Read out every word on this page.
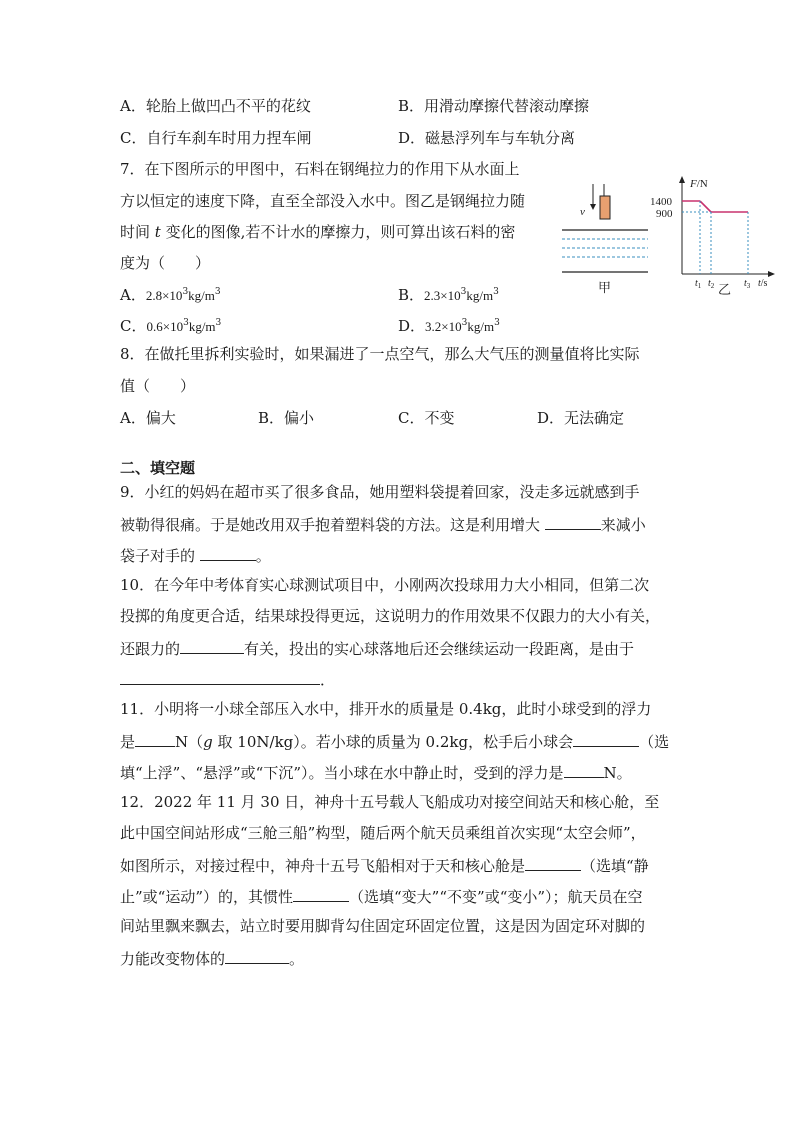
A．轮胎上做凹凸不平的花纹	B．用滑动摩擦代替滚动摩擦
C．自行车刹车时用力捏车闸	D．磁悬浮列车与车轨分离
7．在下图所示的甲图中，石料在钢绳拉力的作用下从水面上
方以恒定的速度下降，直至全部没入水中。图乙是钢绳拉力随
时间 t 变化的图像,若不计水的摩擦力，则可算出该石料的密
度为（　　）
A．$2.8\times 10^3kg/m^3$	B．$2.3\times 10^3kg/m^3$
C．$0.6\times 10^3kg/m^3$	D．$3.2\times 10^3kg/m^3$
v
甲
F/N
1400
900
$t_1$ $t_2$	$t_3$ t/s
乙
8．在做托里拆利实验时，如果漏进了一点空气，那么大气压的测量值将比实际
值（　　）
A．偏大	B．偏小	C．不变	D．无法确定
二、填空题
9．小红的妈妈在超市买了很多食品，她用塑料袋提着回家，没走多远就感到手
被勒得很痛。于是她改用双手抱着塑料袋的方法。这是利用增大	来减小
袋子对手的	。
10．在今年中考体育实心球测试项目中，小刚两次投球用力大小相同，但第二次
投掷的角度更合适，结果球投得更远，这说明力的作用效果不仅跟力的大小有关，
还跟力的	有关，投出的实心球落地后还会继续运动一段距离，是由于
．
11．小明将一小球全部压入水中，排开水的质量是 0.4kg，此时小球受到的浮力
是	N（g 取 10N/kg）。若小球的质量为 0.2kg，松手后小球会	（选
填“上浮”、“悬浮”或“下沉”）。当小球在水中静止时，受到的浮力是	N。
12．2022 年 11 月 30 日，神舟十五号载人飞船成功对接空间站天和核心舱，至
此中国空间站形成“三舱三船”构型，随后两个航天员乘组首次实现“太空会师”，
如图所示，对接过程中，神舟十五号飞船相对于天和核心舱是	（选填“静
止”或“运动”）的，其惯性	（选填“变大”“不变”或“变小”）；航天员在空
间站里飘来飘去，站立时要用脚背勾住固定环固定位置，这是因为固定环对脚的
力能改变物体的	。
